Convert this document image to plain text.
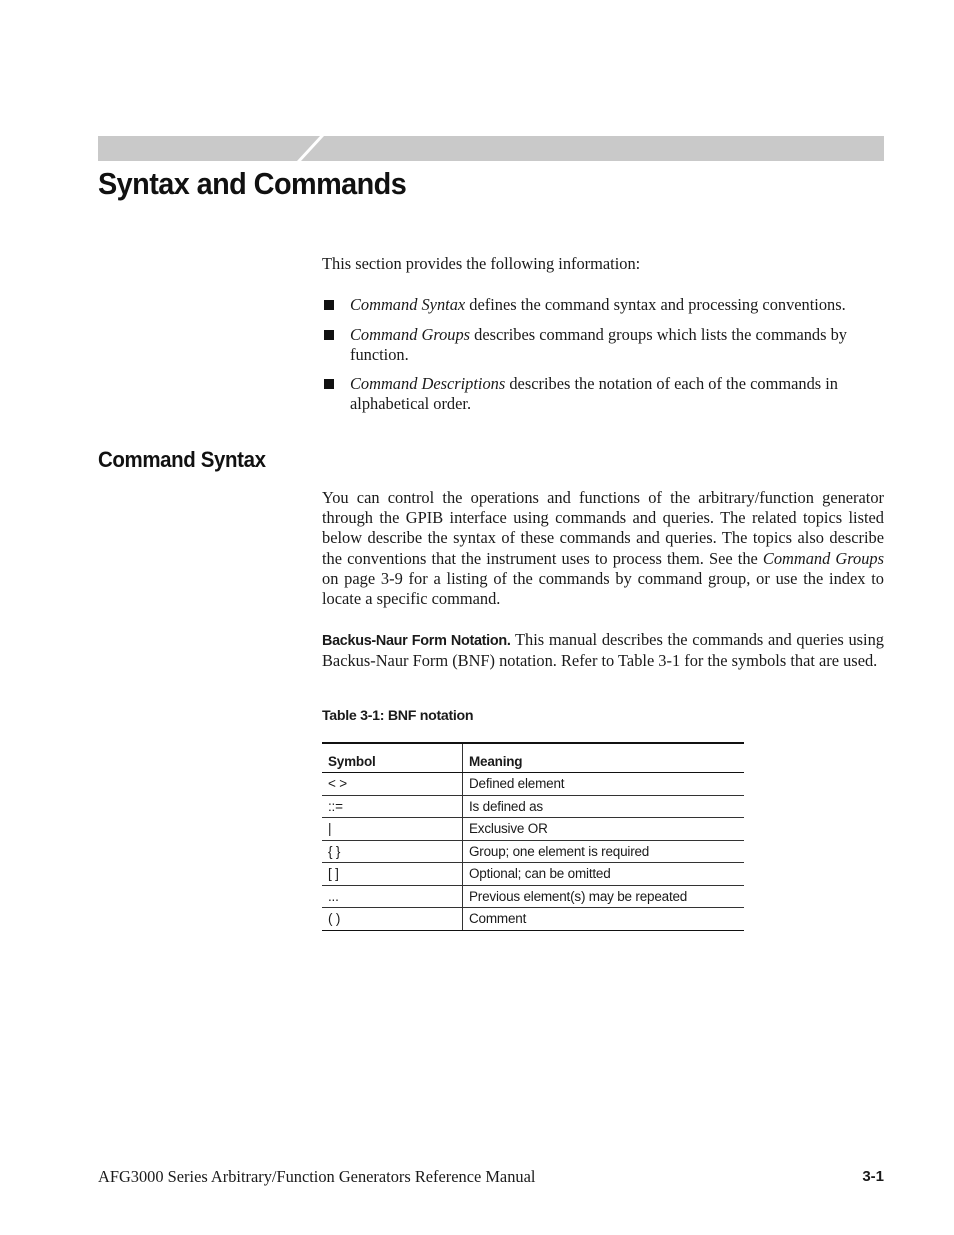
Syntax and Commands

This section provides the following information:

Command Syntax defines the command syntax and processing conventions.
Command Groups describes command groups which lists the commands by function.
Command Descriptions describes the notation of each of the commands in alphabetical order.
Command Syntax

You can control the operations and functions of the arbitrary/function generator through the GPIB interface using commands and queries. The related topics listed below describe the syntax of these commands and queries. The topics also describe the conventions that the instrument uses to process them. See the Command Groups on page 3-9 for a listing of the commands by command group, or use the index to locate a specific command.

Backus-Naur Form Notation. This manual describes the commands and queries using Backus-Naur Form (BNF) notation. Refer to Table 3-1 for the symbols that are used.

Table 3-1: BNF notation
Symbol	Meaning
< >	Defined element
::=	Is defined as
|	Exclusive OR
{ }	Group; one element is required
[ ]	Optional; can be omitted
...	Previous element(s) may be repeated
( )	Comment
AFG3000 Series Arbitrary/Function Generators Reference Manual	3-1
